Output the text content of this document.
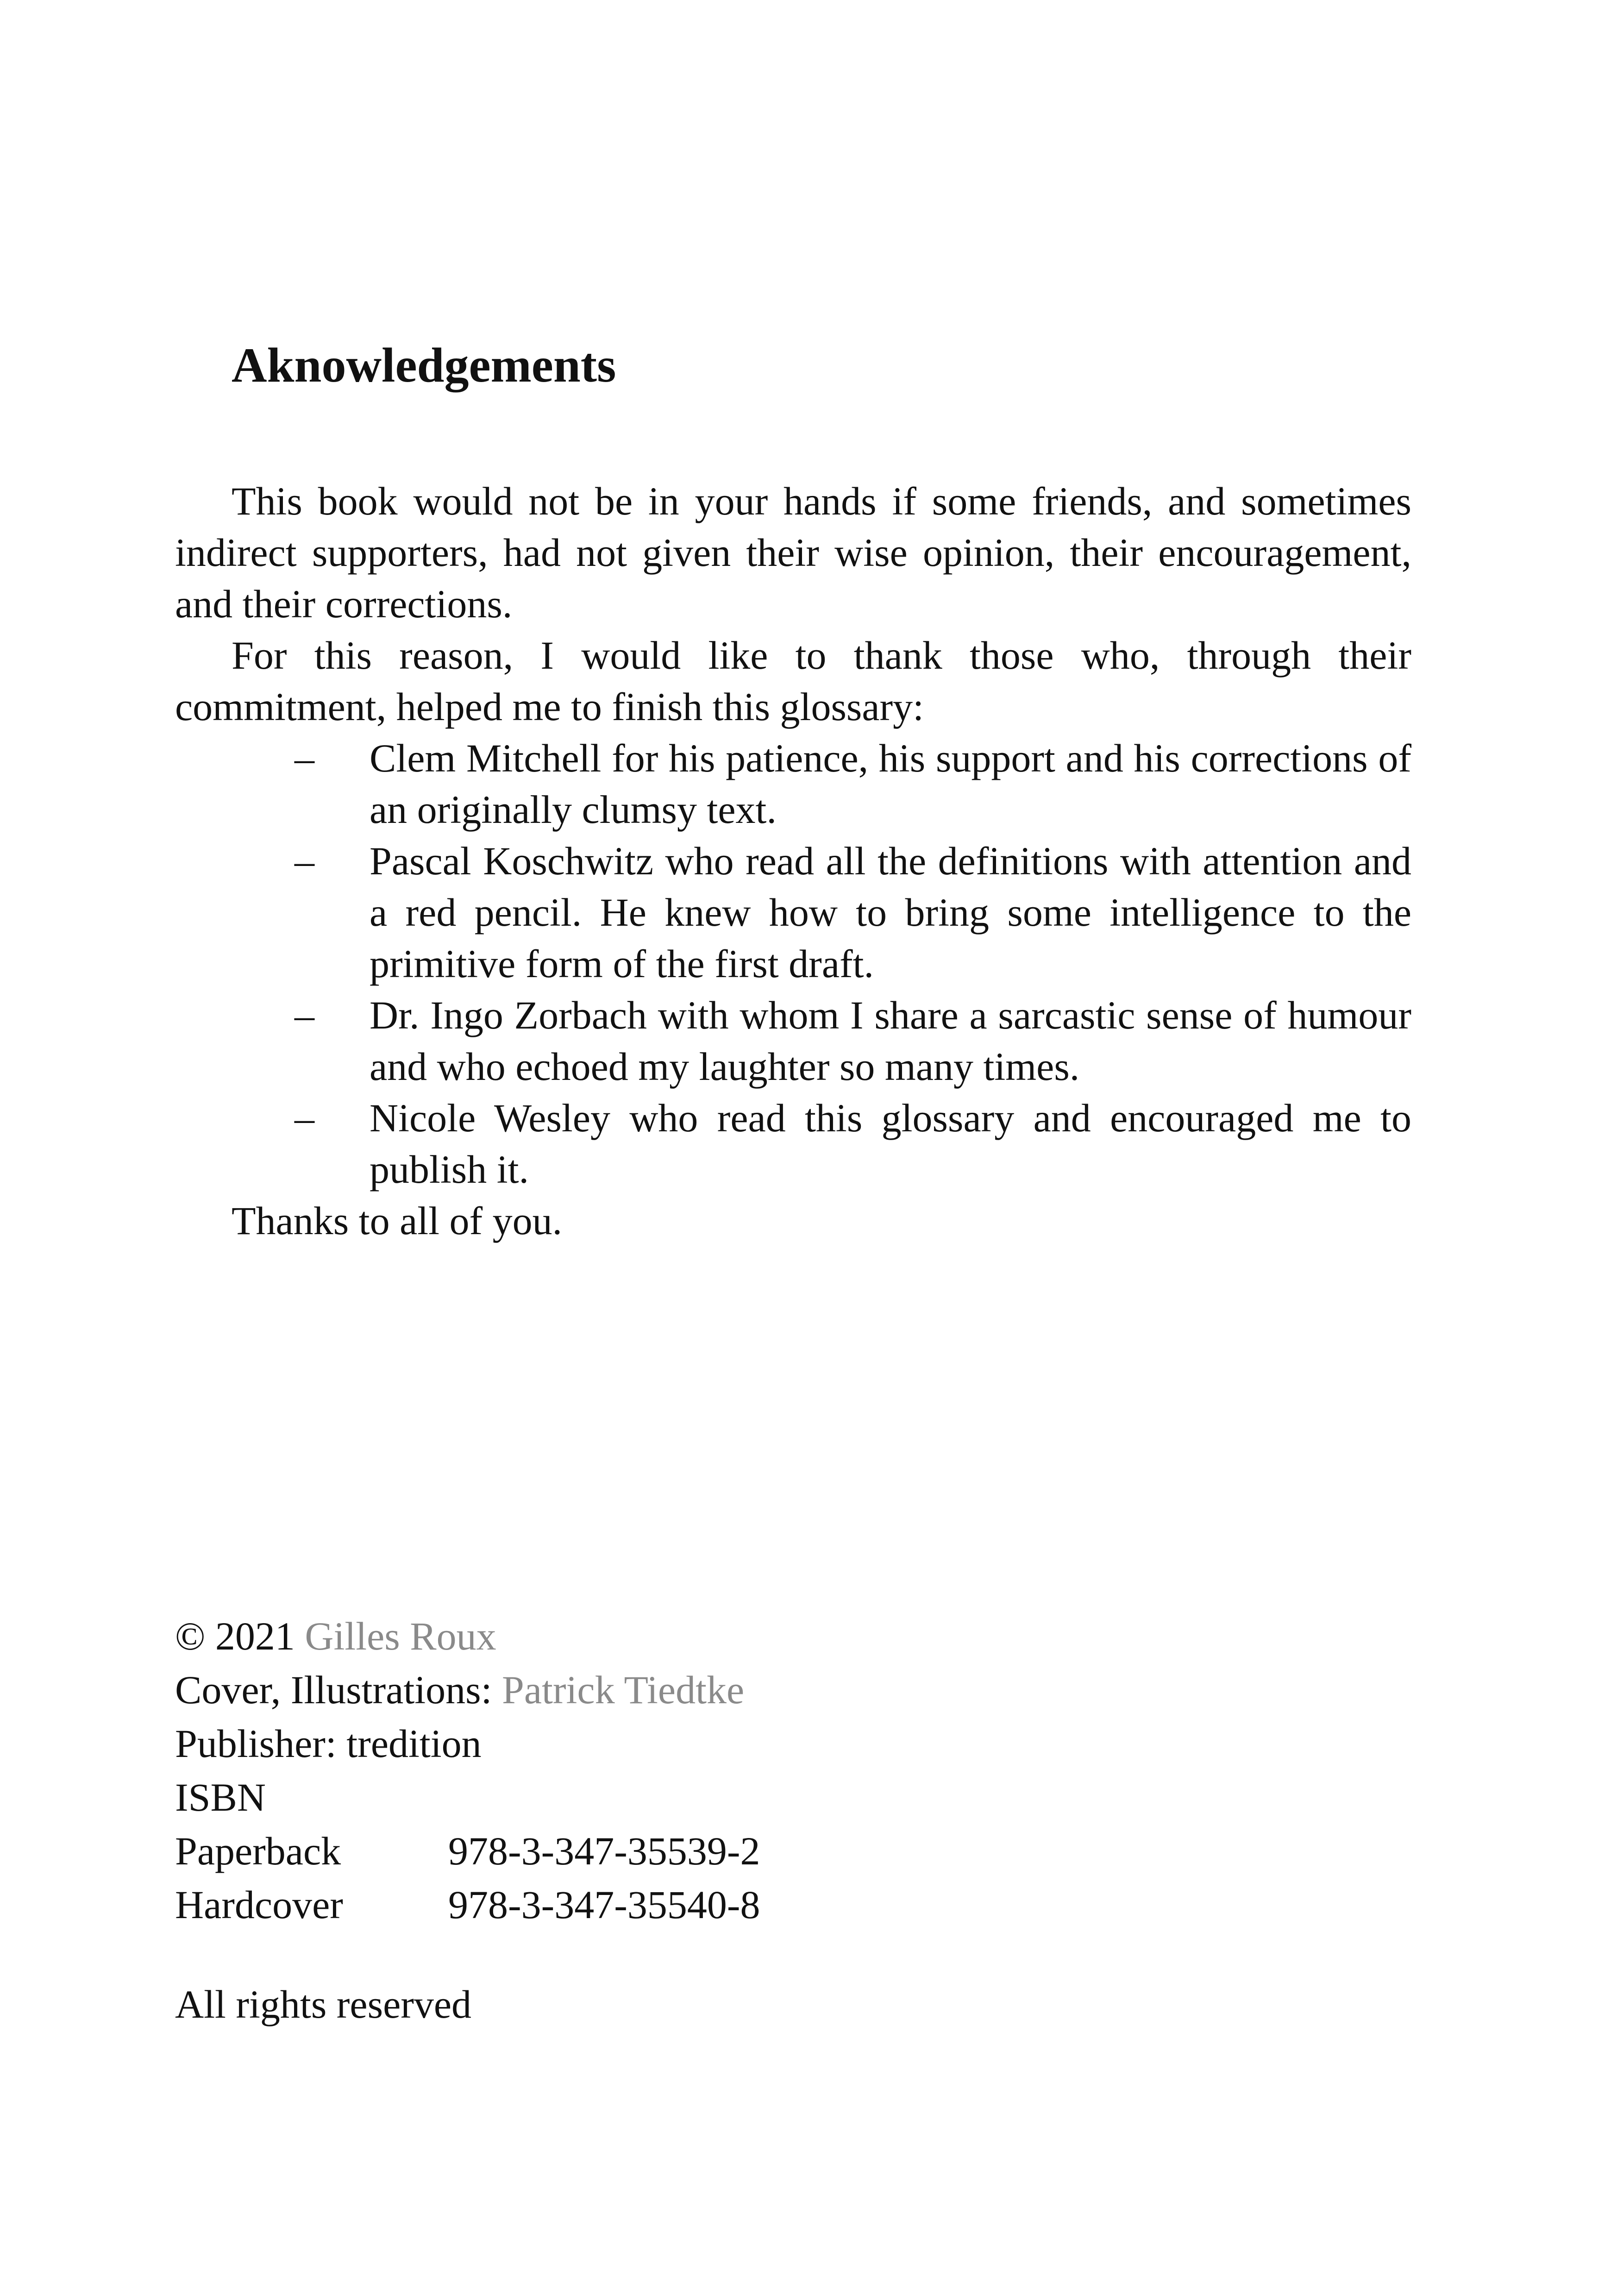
Aknowledgements

This book would not be in your hands if some friends, and sometimes indirect supporters, had not given their wise opinion, their encouragement, and their corrections.

For this reason, I would like to thank those who, through their commitment, helped me to finish this glossary:

– Clem Mitchell for his patience, his support and his corrections of an originally clumsy text.
– Pascal Koschwitz who read all the definitions with attention and a red pencil. He knew how to bring some intelligence to the primitive form of the first draft.
– Dr. Ingo Zorbach with whom I share a sarcastic sense of humour and who echoed my laughter so many times.
– Nicole Wesley who read this glossary and encouraged me to publish it.

Thanks to all of you.

© 2021 Gilles Roux
Cover, Illustrations: Patrick Tiedtke
Publisher: tredition
ISBN
Paperback	978-3-347-35539-2
Hardcover	978-3-347-35540-8
All rights reserved
